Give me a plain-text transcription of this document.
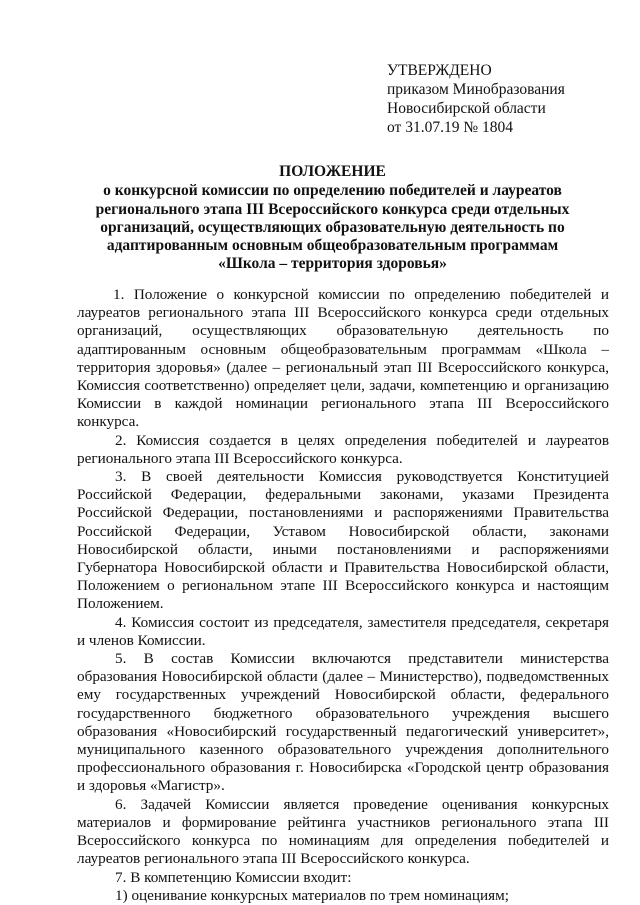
УТВЕРЖДЕНО
приказом Минобразования
Новосибирской области
от 31.07.19 № 1804
ПОЛОЖЕНИЕ
о конкурсной комиссии по определению победителей и лауреатов
регионального этапа III Всероссийского конкурса среди отдельных
организаций, осуществляющих образовательную деятельность по
адаптированным основным общеобразовательным программам
«Школа – территория здоровья»

1. Положение о конкурсной комиссии по определению победителей и лауреатов регионального этапа III Всероссийского конкурса среди отдельных организаций, осуществляющих образовательную деятельность по адаптированным основным общеобразовательным программам «Школа – территория здоровья» (далее – региональный этап III Всероссийского конкурса, Комиссия соответственно) определяет цели, задачи, компетенцию и организацию Комиссии в каждой номинации регионального этапа III Всероссийского конкурса.

2. Комиссия создается в целях определения победителей и лауреатов регионального этапа III Всероссийского конкурса.

3. В своей деятельности Комиссия руководствуется Конституцией Российской Федерации, федеральными законами, указами Президента Российской Федерации, постановлениями и распоряжениями Правительства Российской Федерации, Уставом Новосибирской области, законами Новосибирской области, иными постановлениями и распоряжениями Губернатора Новосибирской области и Правительства Новосибирской области, Положением о региональном этапе III Всероссийского конкурса и настоящим Положением.

4. Комиссия состоит из председателя, заместителя председателя, секретаря и членов Комиссии.

5. В состав Комиссии включаются представители министерства образования Новосибирской области (далее – Министерство), подведомственных ему государственных учреждений Новосибирской области, федерального государственного бюджетного образовательного учреждения высшего образования «Новосибирский государственный педагогический университет», муниципального казенного образовательного учреждения дополнительного профессионального образования г. Новосибирска «Городской центр образования и здоровья «Магистр».

6. Задачей Комиссии является проведение оценивания конкурсных материалов и формирование рейтинга участников регионального этапа III Всероссийского конкурса по номинациям для определения победителей и лауреатов регионального этапа III Всероссийского конкурса.

7. В компетенцию Комиссии входит:

1) оценивание конкурсных материалов по трем номинациям;
